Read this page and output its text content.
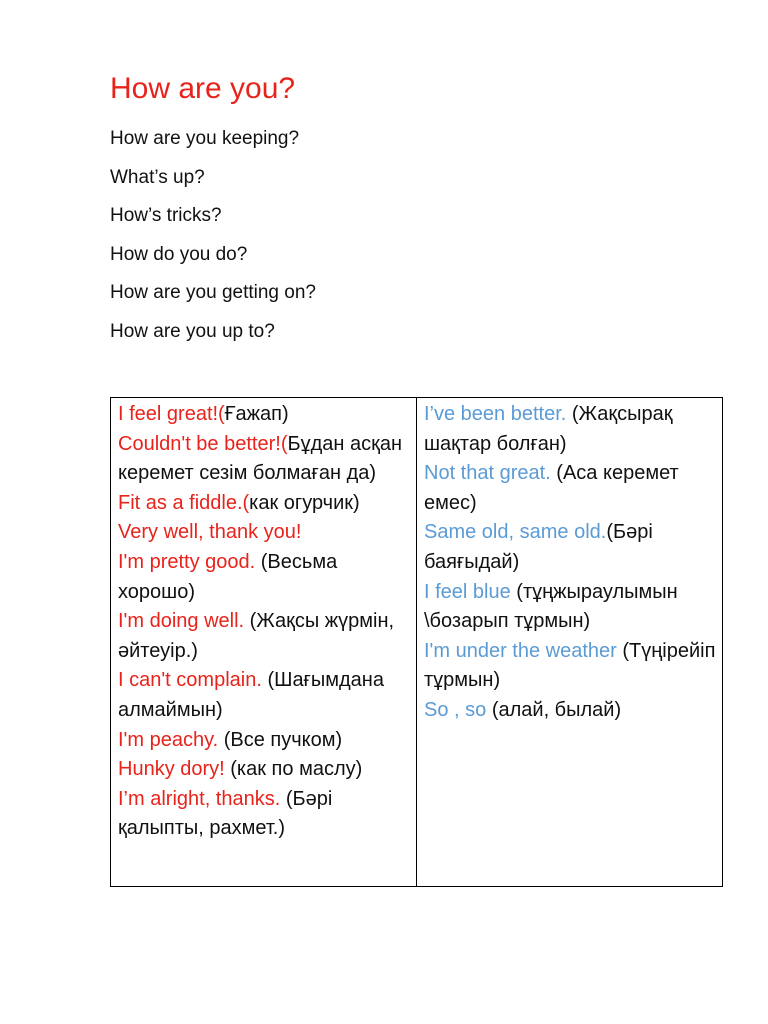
How are you?
How are you keeping?
What’s up?
How’s tricks?
How do you do?
How are you getting on?
How are you up to?
I feel great!(Ғажап)
Couldn't be better!(Бұдан асқан керемет сезім болмаған да)
Fit as a fiddle.(как огурчик)
Very well, thank you!
I'm pretty good. (Весьма хорошо)
I'm doing well. (Жақсы жүрмін, әйтеуір.)
I can't complain. (Шағымдана алмаймын)
I'm peachy. (Все пучком)
Hunky dory! (как по маслу)
I’m alright, thanks. (Бәрі қалыпты, рахмет.)
I’ve been better. (Жақсырақ шақтар болған)
Not that great. (Аса керемет емес)
Same old, same old.(Бәрі баяғыдай)
I feel blue (тұңжыраулымын \бозарып тұрмын)
I'm under the weather (Түңірейіп тұрмын)
So , so (алай, былай)
